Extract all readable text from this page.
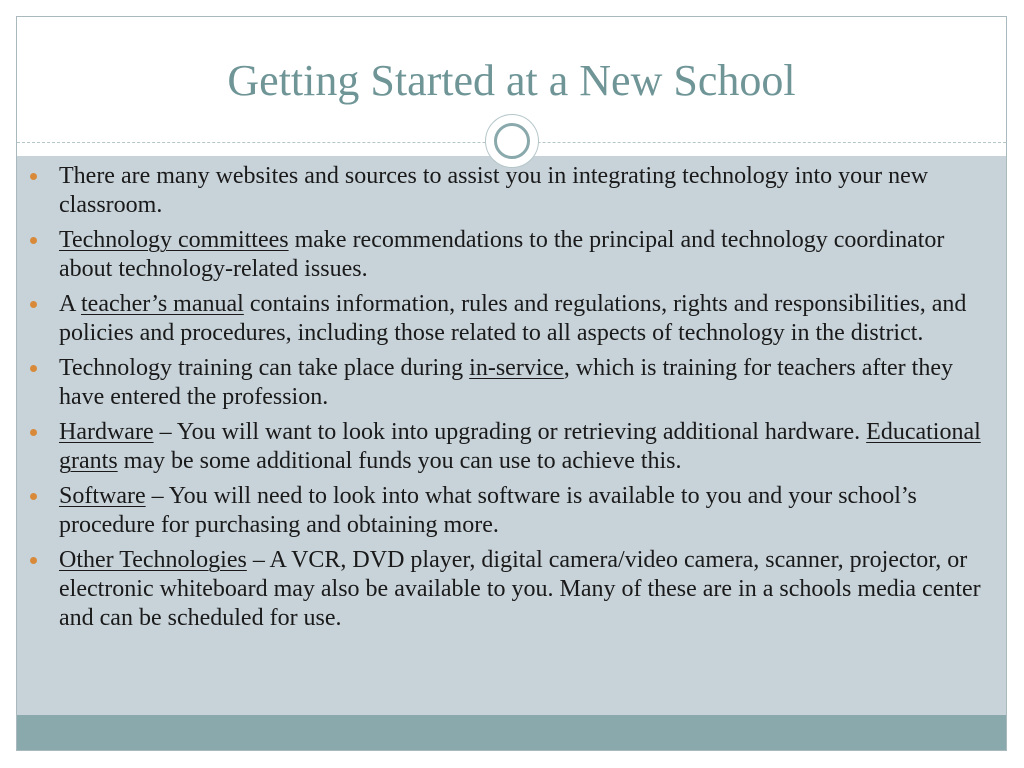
Getting Started at a New School
There are many websites and sources to assist you in integrating technology into your new classroom.
Technology committees make recommendations to the principal and technology coordinator about technology-related issues.
A teacher’s manual contains information, rules and regulations, rights and responsibilities, and policies and procedures, including those related to all aspects of technology in the district.
Technology training can take place during in-service, which is training for teachers after they have entered the profession.
Hardware – You will want to look into upgrading or retrieving additional hardware. Educational grants may be some additional funds you can use to achieve this.
Software – You will need to look into what software is available to you and your school’s procedure for purchasing and obtaining more.
Other Technologies – A VCR, DVD player, digital camera/video camera, scanner, projector, or electronic whiteboard may also be available to you. Many of these are in a schools media center and can be scheduled for use.
